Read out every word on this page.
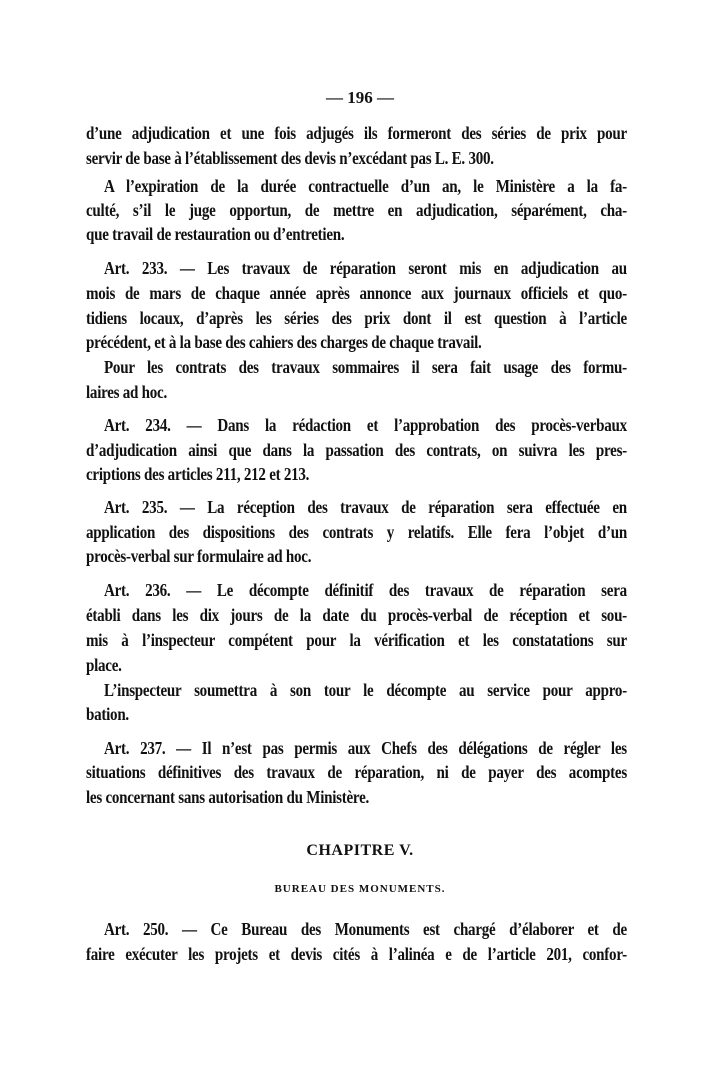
— 196 —
d’une adjudication et une fois adjugés ils formeront des séries de prix pour
servir de base à l’établissement des devis n’excédant pas L. E. 300.
A l’expiration de la durée contractuelle d’un an, le Ministère a la fa-
culté, s’il le juge opportun, de mettre en adjudication, séparément, cha-
que travail de restauration ou d’entretien.
Art. 233. — Les travaux de réparation seront mis en adjudication au
mois de mars de chaque année après annonce aux journaux officiels et quo-
tidiens locaux, d’après les séries des prix dont il est question à l’article
précédent, et à la base des cahiers des charges de chaque travail.
Pour les contrats des travaux sommaires il sera fait usage des formu-
laires ad hoc.
Art. 234. — Dans la rédaction et l’approbation des procès-verbaux
d’adjudication ainsi que dans la passation des contrats, on suivra les pres-
criptions des articles 211, 212 et 213.
Art. 235. — La réception des travaux de réparation sera effectuée en
application des dispositions des contrats y relatifs. Elle fera l’objet d’un
procès-verbal sur formulaire ad hoc.
Art. 236. — Le décompte définitif des travaux de réparation sera
établi dans les dix jours de la date du procès-verbal de réception et sou-
mis à l’inspecteur compétent pour la vérification et les constatations sur
place.
L’inspecteur soumettra à son tour le décompte au service pour appro-
bation.
Art. 237. — Il n’est pas permis aux Chefs des délégations de régler les
situations définitives des travaux de réparation, ni de payer des acomptes
les concernant sans autorisation du Ministère.
CHAPITRE V.
BUREAU DES MONUMENTS.
Art. 250. — Ce Bureau des Monuments est chargé d’élaborer et de
faire exécuter les projets et devis cités à l’alinéa e de l’article 201, confor-
